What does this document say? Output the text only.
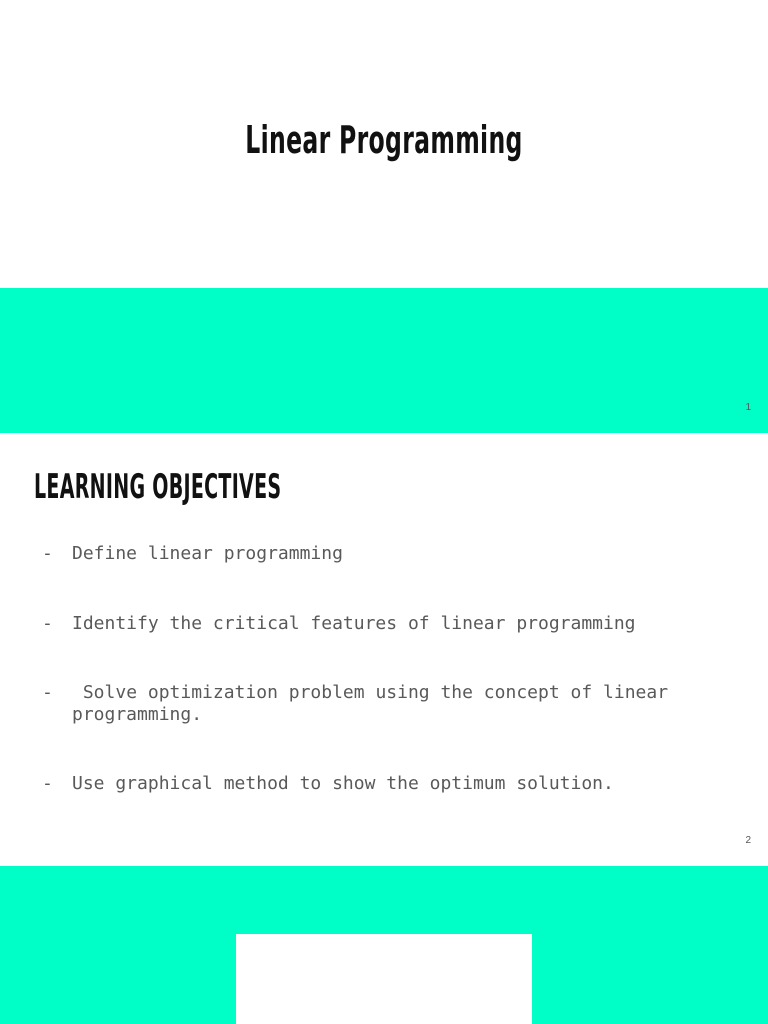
Linear Programming
1
LEARNING OBJECTIVES
- Define linear programming
- Identify the critical features of linear programming
- Solve optimization problem using the concept of linear programming.
- Use graphical method to show the optimum solution.
2
